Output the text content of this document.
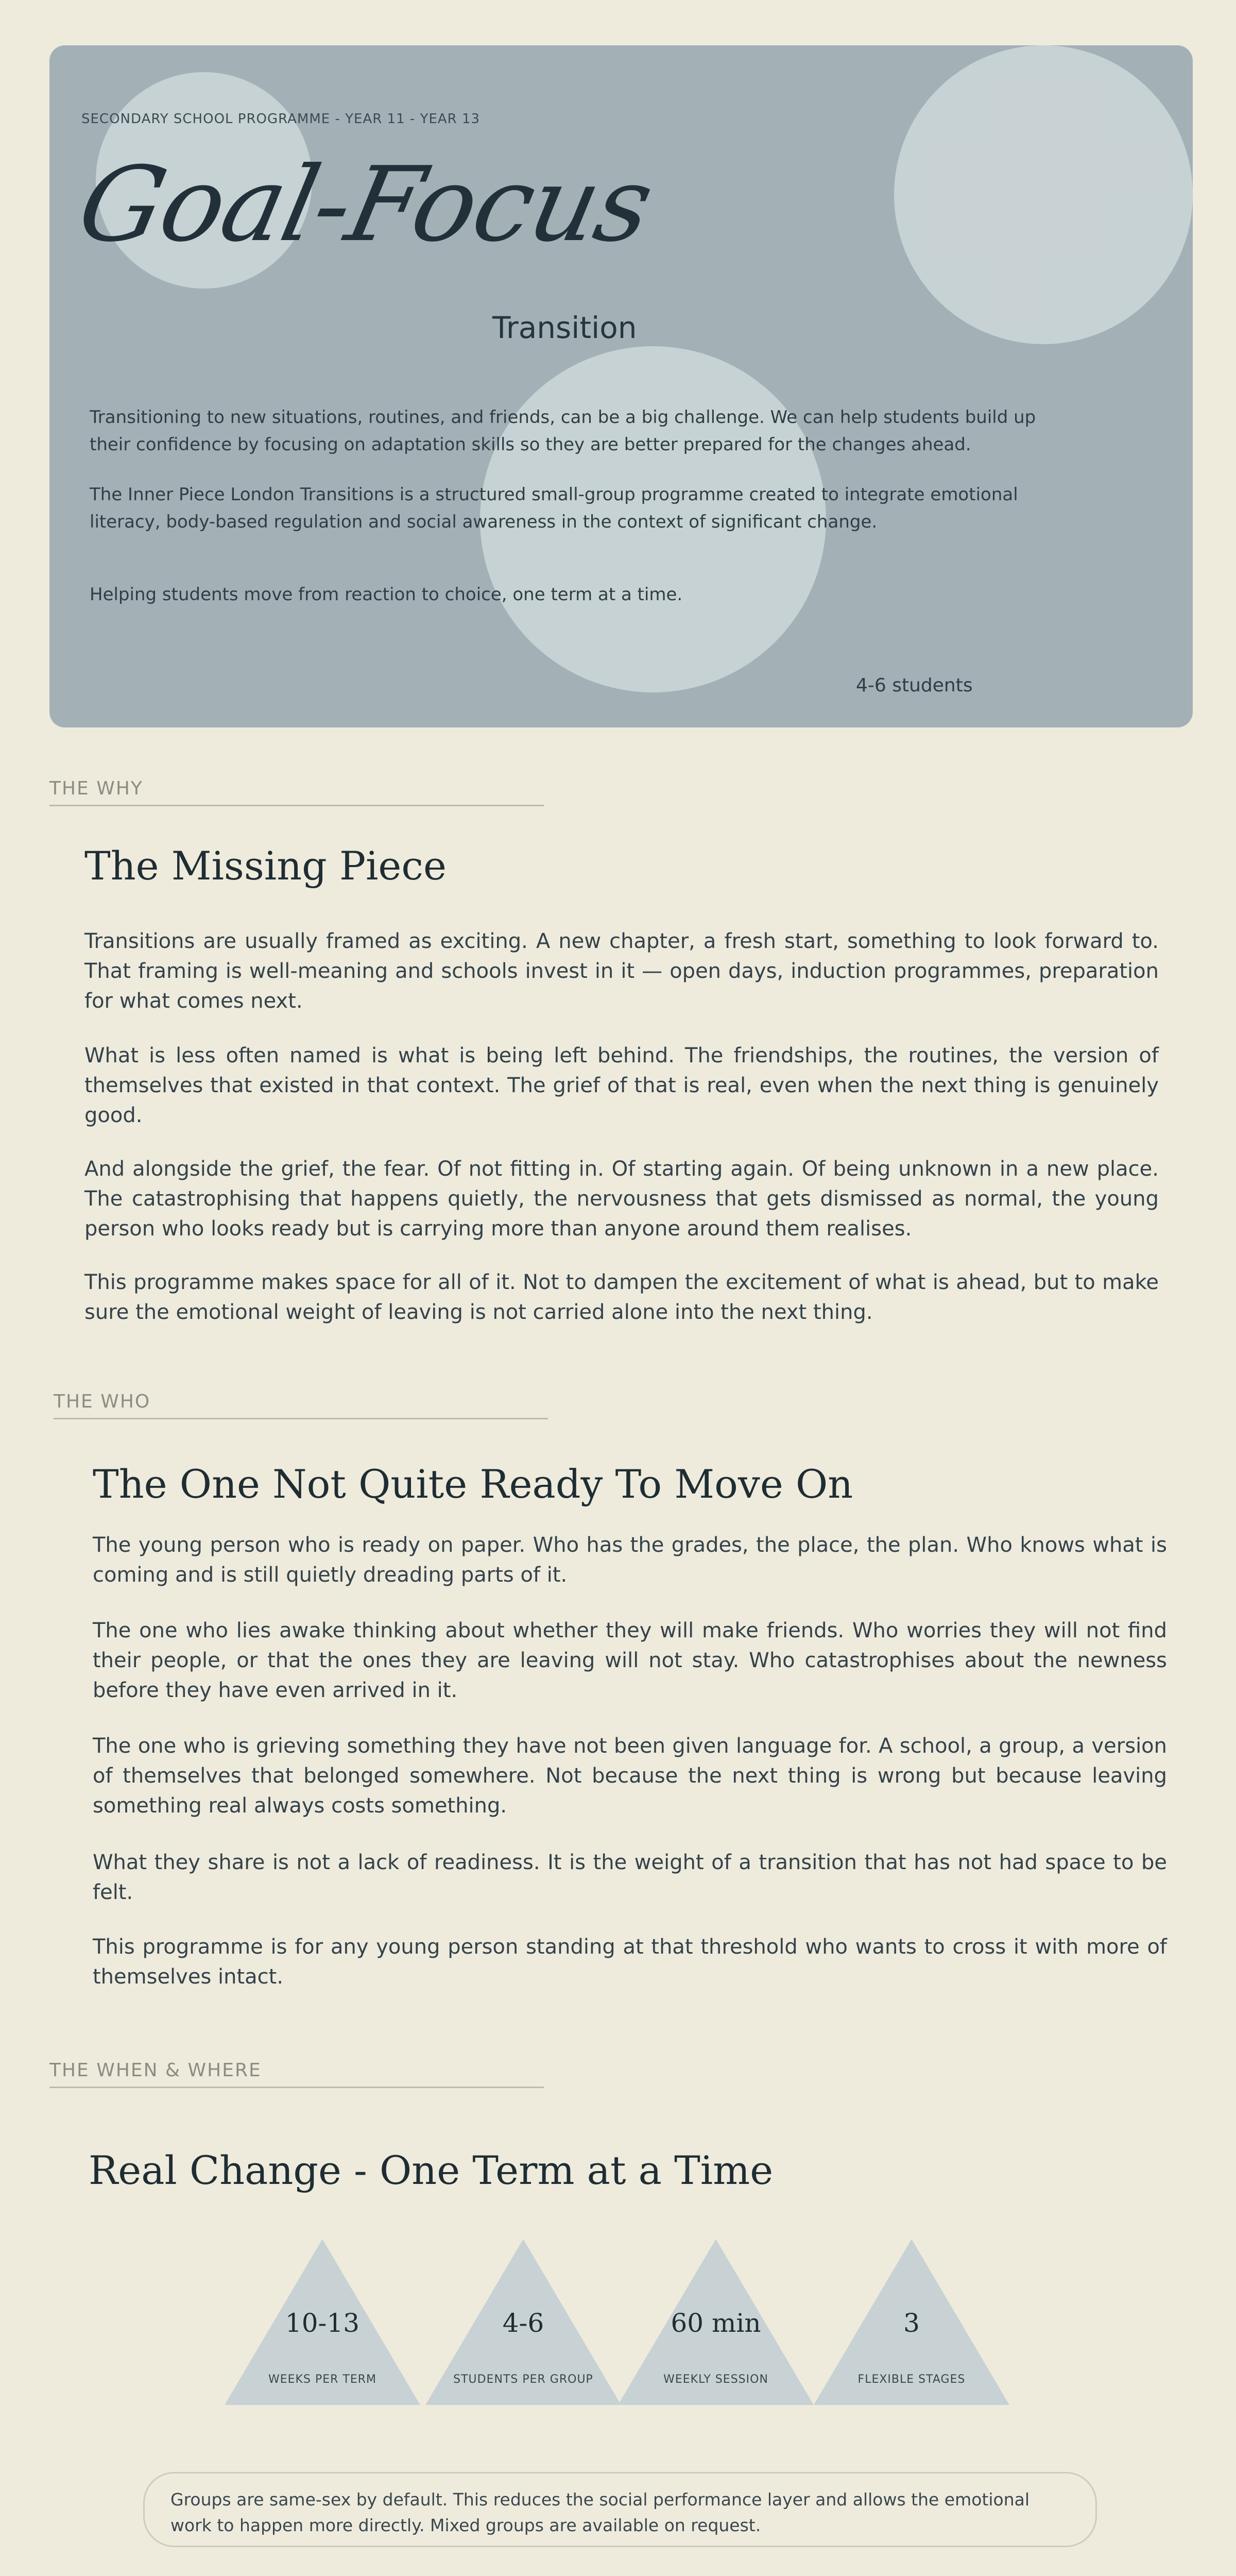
SECONDARY SCHOOL PROGRAMME - YEAR 11 - YEAR 13
Goal-Focus
Transition
Transitioning to new situations, routines, and friends, can be a big challenge. We can help students build up their confidence by focusing on adaptation skills so they are better prepared for the changes ahead.
The Inner Piece London Transitions is a structured small-group programme created to integrate emotional literacy, body-based regulation and social awareness in the context of significant change.
Helping students move from reaction to choice, one term at a time.
4-6 students
THE WHY
The Missing Piece
Transitions are usually framed as exciting. A new chapter, a fresh start, something to look forward to. That framing is well-meaning and schools invest in it — open days, induction programmes, preparation for what comes next.
What is less often named is what is being left behind. The friendships, the routines, the version of themselves that existed in that context. The grief of that is real, even when the next thing is genuinely good.
And alongside the grief, the fear. Of not fitting in. Of starting again. Of being unknown in a new place. The catastrophising that happens quietly, the nervousness that gets dismissed as normal, the young person who looks ready but is carrying more than anyone around them realises.
This programme makes space for all of it. Not to dampen the excitement of what is ahead, but to make sure the emotional weight of leaving is not carried alone into the next thing.
THE WHO
The One Not Quite Ready To Move On
The young person who is ready on paper. Who has the grades, the place, the plan. Who knows what is coming and is still quietly dreading parts of it.
The one who lies awake thinking about whether they will make friends. Who worries they will not find their people, or that the ones they are leaving will not stay. Who catastrophises about the newness before they have even arrived in it.
The one who is grieving something they have not been given language for. A school, a group, a version of themselves that belonged somewhere. Not because the next thing is wrong but because leaving something real always costs something.
What they share is not a lack of readiness. It is the weight of a transition that has not had space to be felt.
This programme is for any young person standing at that threshold who wants to cross it with more of themselves intact.
THE WHEN & WHERE
Real Change - One Term at a Time
10-13
WEEKS PER TERM
4-6
STUDENTS PER GROUP
60 min
WEEKLY SESSION
3
FLEXIBLE STAGES
Groups are same-sex by default. This reduces the social performance layer and allows the emotional work to happen more directly. Mixed groups are available on request.
